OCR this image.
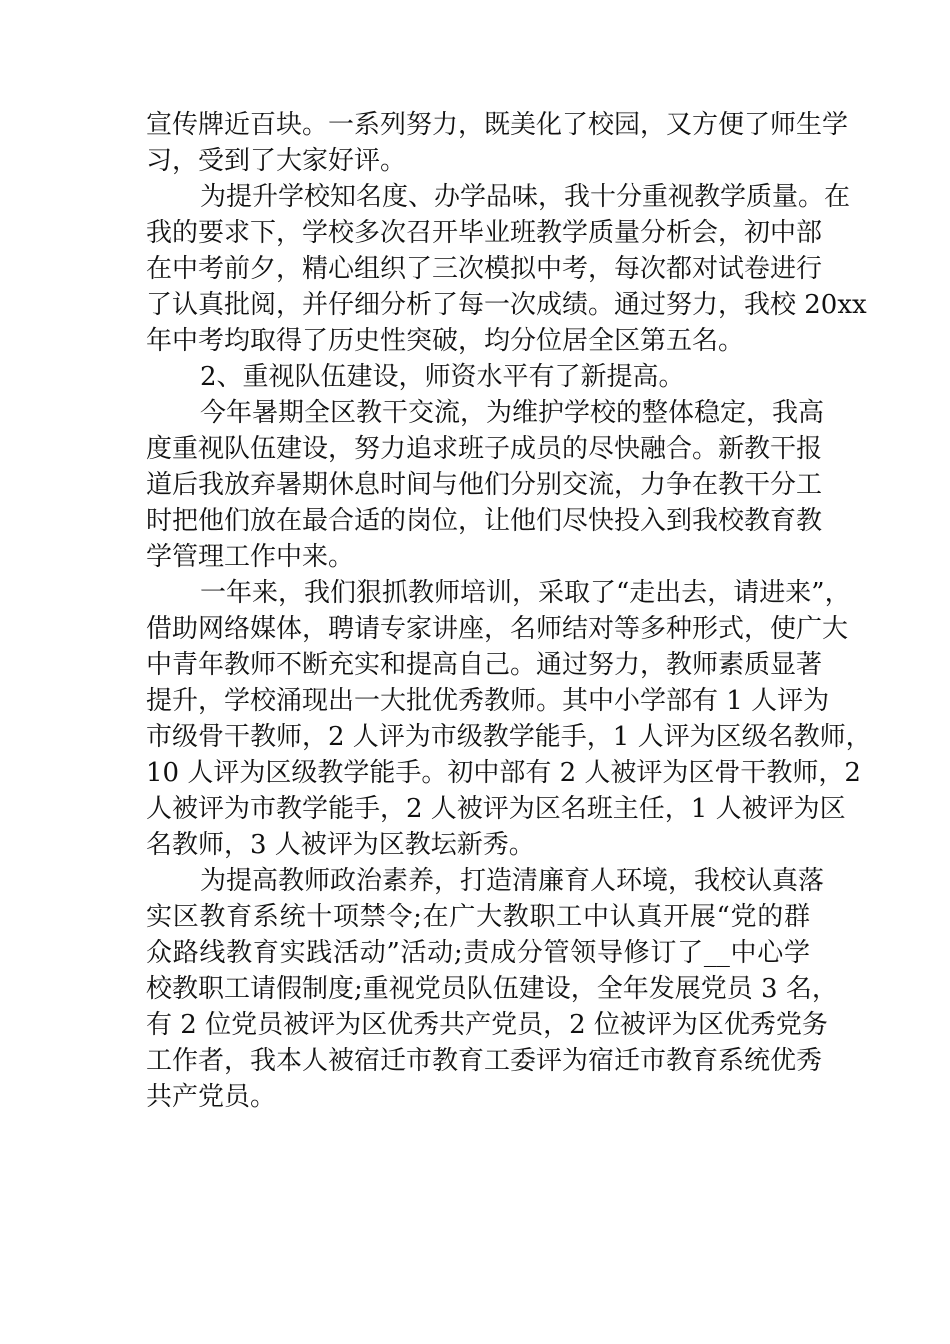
宣传牌近百块。一系列努力，既美化了校园，又方便了师生学
习，受到了大家好评。
为提升学校知名度、办学品味，我十分重视教学质量。在
我的要求下，学校多次召开毕业班教学质量分析会，初中部
在中考前夕，精心组织了三次模拟中考，每次都对试卷进行
了认真批阅，并仔细分析了每一次成绩。通过努力，我校 20xx
年中考均取得了历史性突破，均分位居全区第五名。
2、重视队伍建设，师资水平有了新提高。
今年暑期全区教干交流，为维护学校的整体稳定，我高
度重视队伍建设，努力追求班子成员的尽快融合。新教干报
道后我放弃暑期休息时间与他们分别交流，力争在教干分工
时把他们放在最合适的岗位，让他们尽快投入到我校教育教
学管理工作中来。
一年来，我们狠抓教师培训，采取了“走出去，请进来”，
借助网络媒体，聘请专家讲座，名师结对等多种形式，使广大
中青年教师不断充实和提高自己。通过努力，教师素质显著
提升，学校涌现出一大批优秀教师。其中小学部有 1 人评为
市级骨干教师，2 人评为市级教学能手，1 人评为区级名教师，
10 人评为区级教学能手。初中部有 2 人被评为区骨干教师，2
人被评为市教学能手，2 人被评为区名班主任，1 人被评为区
名教师，3 人被评为区教坛新秀。
为提高教师政治素养，打造清廉育人环境，我校认真落
实区教育系统十项禁令;在广大教职工中认真开展“党的群
众路线教育实践活动”活动;责成分管领导修订了__中心学
校教职工请假制度;重视党员队伍建设，全年发展党员 3 名，
有 2 位党员被评为区优秀共产党员，2 位被评为区优秀党务
工作者，我本人被宿迁市教育工委评为宿迁市教育系统优秀
共产党员。
